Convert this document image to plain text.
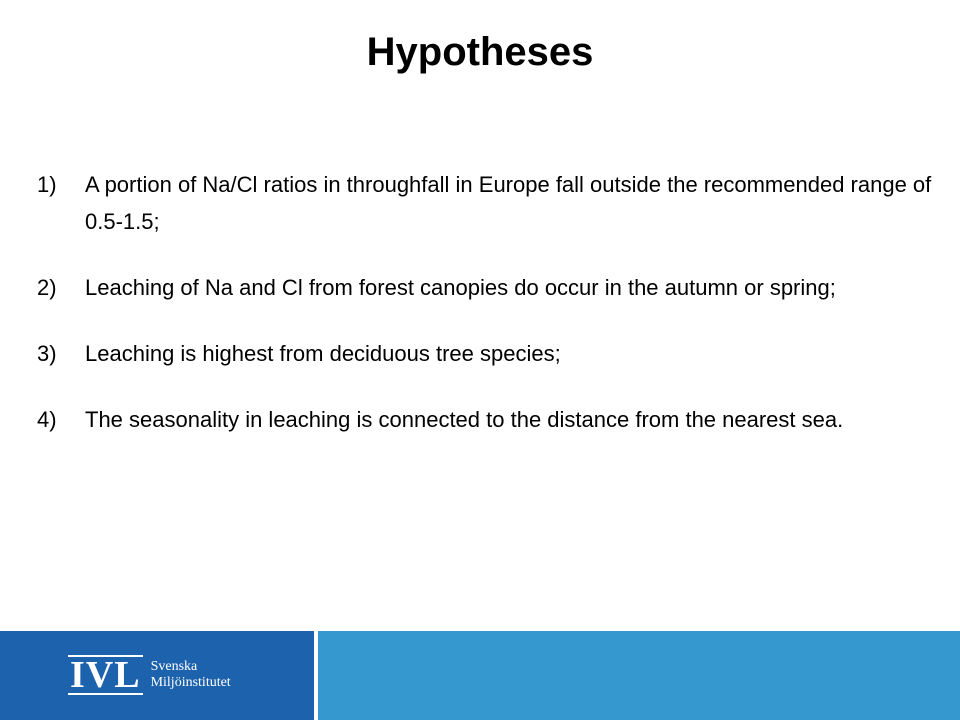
Hypotheses
1)	A portion of Na/Cl ratios in throughfall in Europe fall outside the recommended range of 0.5-1.5;
2)	Leaching of Na and Cl from forest canopies do occur in the autumn or spring;
3)	Leaching is highest from deciduous tree species;
4)	The seasonality in leaching is connected to the distance from the nearest sea.
IVL Svenska
Miljöinstitutet
